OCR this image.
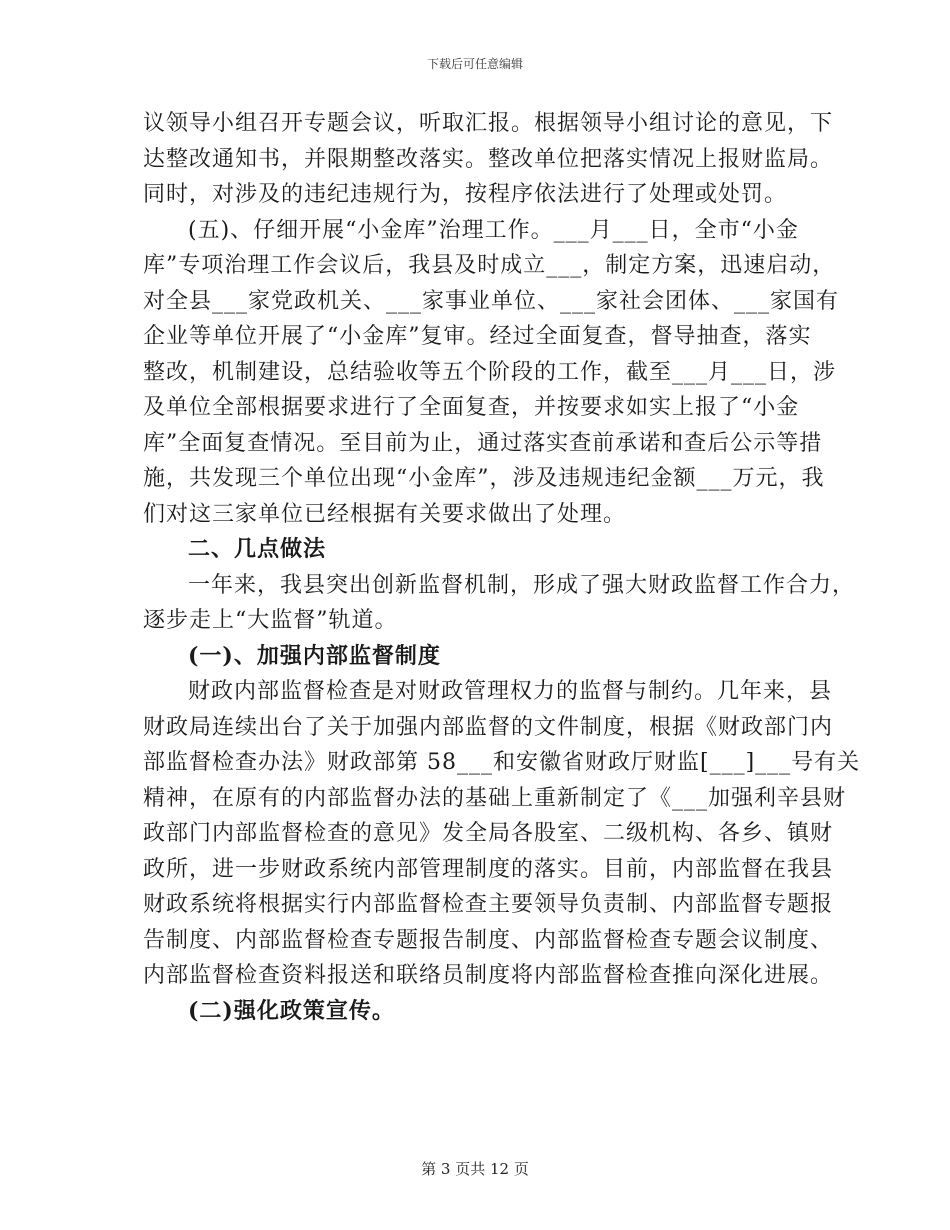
下载后可任意编辑
议领导小组召开专题会议，听取汇报。根据领导小组讨论的意见，下
达整改通知书，并限期整改落实。整改单位把落实情况上报财监局。
同时，对涉及的违纪违规行为，按程序依法进行了处理或处罚。
(五)、仔细开展“小金库”治理工作。___月___日，全市“小金
库”专项治理工作会议后，我县及时成立___，制定方案，迅速启动，
对全县___家党政机关、___家事业单位、___家社会团体、___家国有
企业等单位开展了“小金库”复审。经过全面复查，督导抽查，落实
整改，机制建设，总结验收等五个阶段的工作，截至___月___日，涉
及单位全部根据要求进行了全面复查，并按要求如实上报了“小金
库”全面复查情况。至目前为止，通过落实查前承诺和查后公示等措
施，共发现三个单位出现“小金库”，涉及违规违纪金额___万元，我
们对这三家单位已经根据有关要求做出了处理。
二、几点做法
一年来，我县突出创新监督机制，形成了强大财政监督工作合力，
逐步走上“大监督”轨道。
(一)、加强内部监督制度
财政内部监督检查是对财政管理权力的监督与制约。几年来，县
财政局连续出台了关于加强内部监督的文件制度，根据《财政部门内
部监督检查办法》财政部第 58___和安徽省财政厅财监[___]___号有关
精神，在原有的内部监督办法的基础上重新制定了《___加强利辛县财
政部门内部监督检查的意见》发全局各股室、二级机构、各乡、镇财
政所，进一步财政系统内部管理制度的落实。目前，内部监督在我县
财政系统将根据实行内部监督检查主要领导负责制、内部监督专题报
告制度、内部监督检查专题报告制度、内部监督检查专题会议制度、
内部监督检查资料报送和联络员制度将内部监督检查推向深化进展。
(二)强化政策宣传。
第 3 页共 12 页
